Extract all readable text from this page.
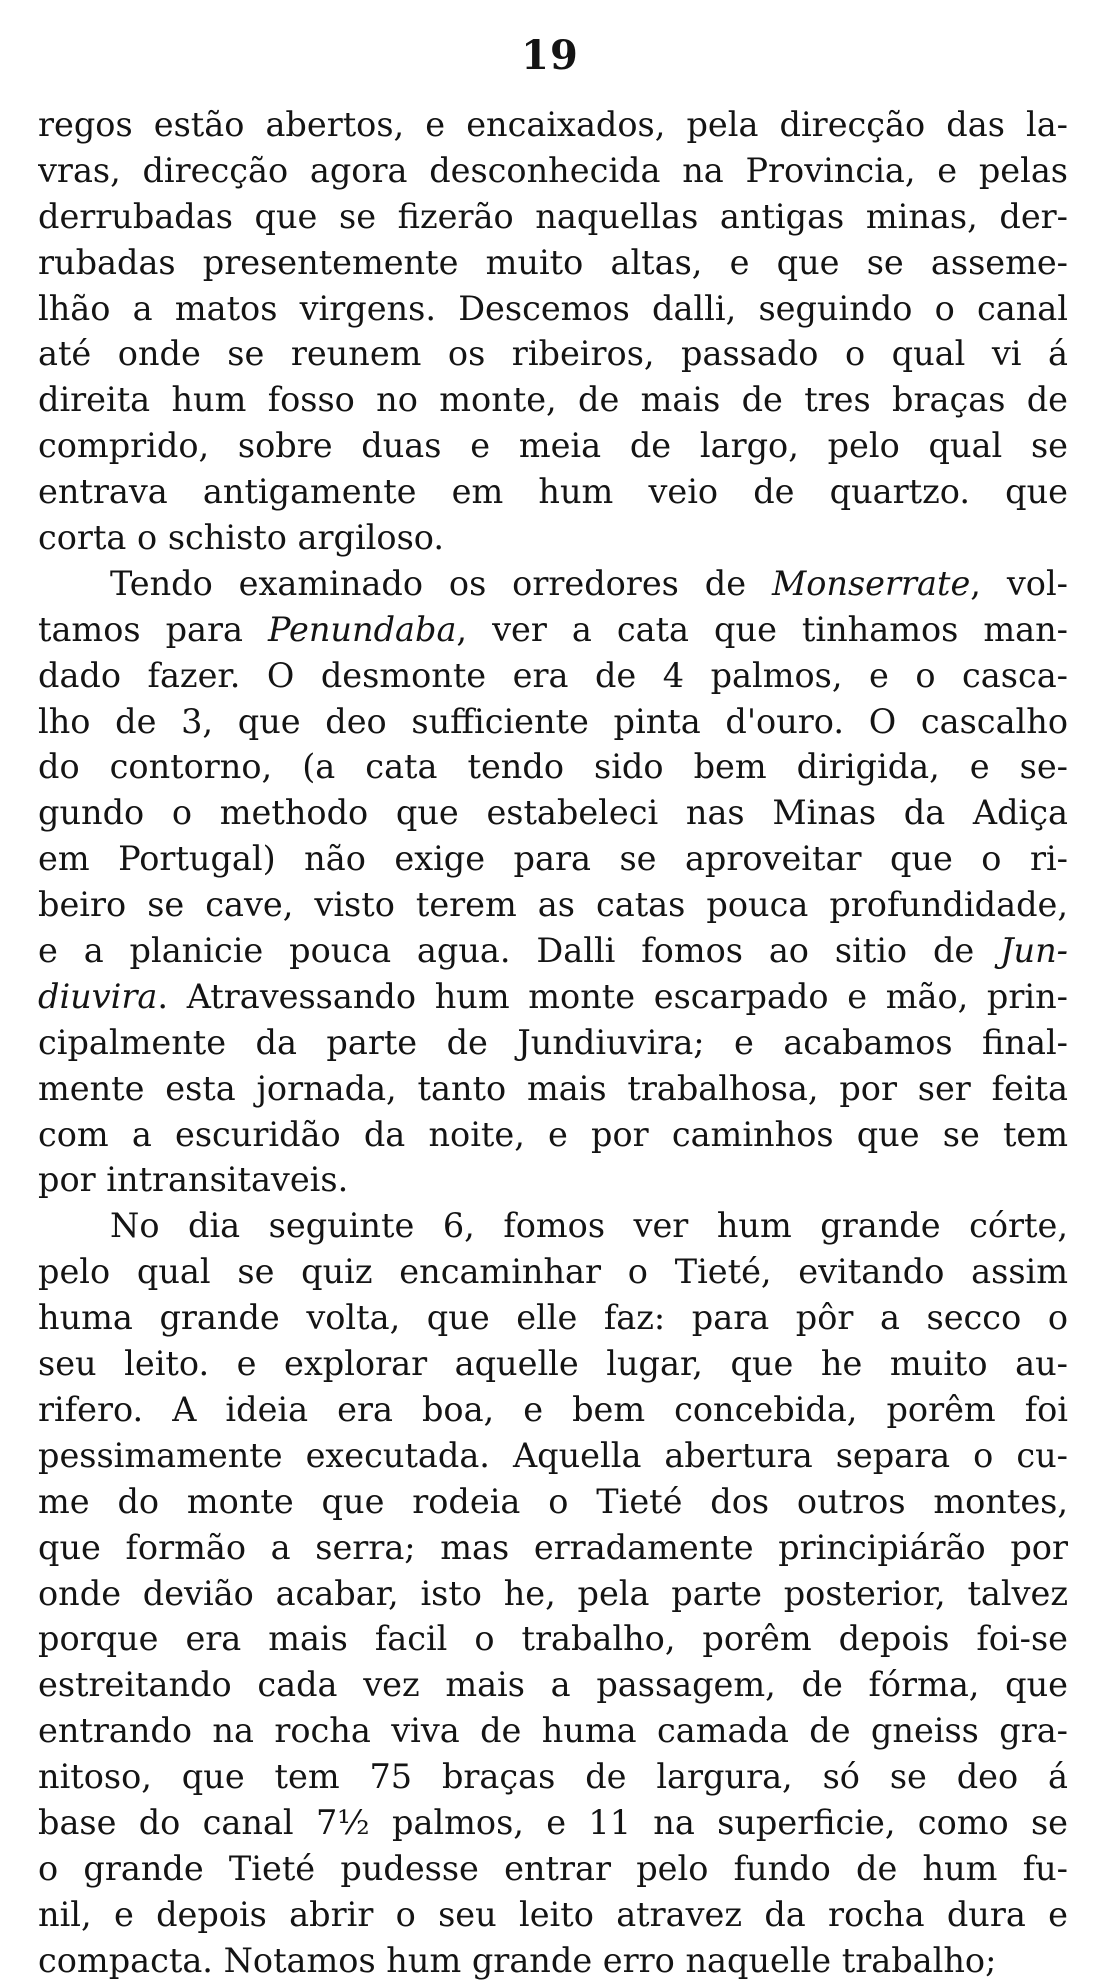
19
regos estão abertos, e encaixados, pela direcção das la-
vras, direcção agora desconhecida na Provincia, e pelas
derrubadas que se fizerão naquellas antigas minas, der-
rubadas presentemente muito altas, e que se asseme-
lhão a matos virgens. Descemos dalli, seguindo o canal
até onde se reunem os ribeiros, passado o qual vi á
direita hum fosso no monte, de mais de tres braças de
comprido, sobre duas e meia de largo, pelo qual se
entrava antigamente em hum veio de quartzo. que
corta o schisto argiloso.
Tendo examinado os orredores de Monserrate, vol-
tamos para Penundaba, ver a cata que tinhamos man-
dado fazer. O desmonte era de 4 palmos, e o casca-
lho de 3, que deo sufficiente pinta d'ouro. O cascalho
do contorno, (a cata tendo sido bem dirigida, e se-
gundo o methodo que estabeleci nas Minas da Adiça
em Portugal) não exige para se aproveitar que o ri-
beiro se cave, visto terem as catas pouca profundidade,
e a planicie pouca agua. Dalli fomos ao sitio de Jun-
diuvira. Atravessando hum monte escarpado e mão, prin-
cipalmente da parte de Jundiuvira; e acabamos final-
mente esta jornada, tanto mais trabalhosa, por ser feita
com a escuridão da noite, e por caminhos que se tem
por intransitaveis.
No dia seguinte 6, fomos ver hum grande córte,
pelo qual se quiz encaminhar o Tieté, evitando assim
huma grande volta, que elle faz: para pôr a secco o
seu leito. e explorar aquelle lugar, que he muito au-
rifero. A ideia era boa, e bem concebida, porêm foi
pessimamente executada. Aquella abertura separa o cu-
me do monte que rodeia o Tieté dos outros montes,
que formão a serra; mas erradamente principiárão por
onde devião acabar, isto he, pela parte posterior, talvez
porque era mais facil o trabalho, porêm depois foi-se
estreitando cada vez mais a passagem, de fórma, que
entrando na rocha viva de huma camada de gneiss gra-
nitoso, que tem 75 braças de largura, só se deo á
base do canal 7½ palmos, e 11 na superficie, como se
o grande Tieté pudesse entrar pelo fundo de hum fu-
nil, e depois abrir o seu leito atravez da rocha dura e
compacta. Notamos hum grande erro naquelle trabalho;
